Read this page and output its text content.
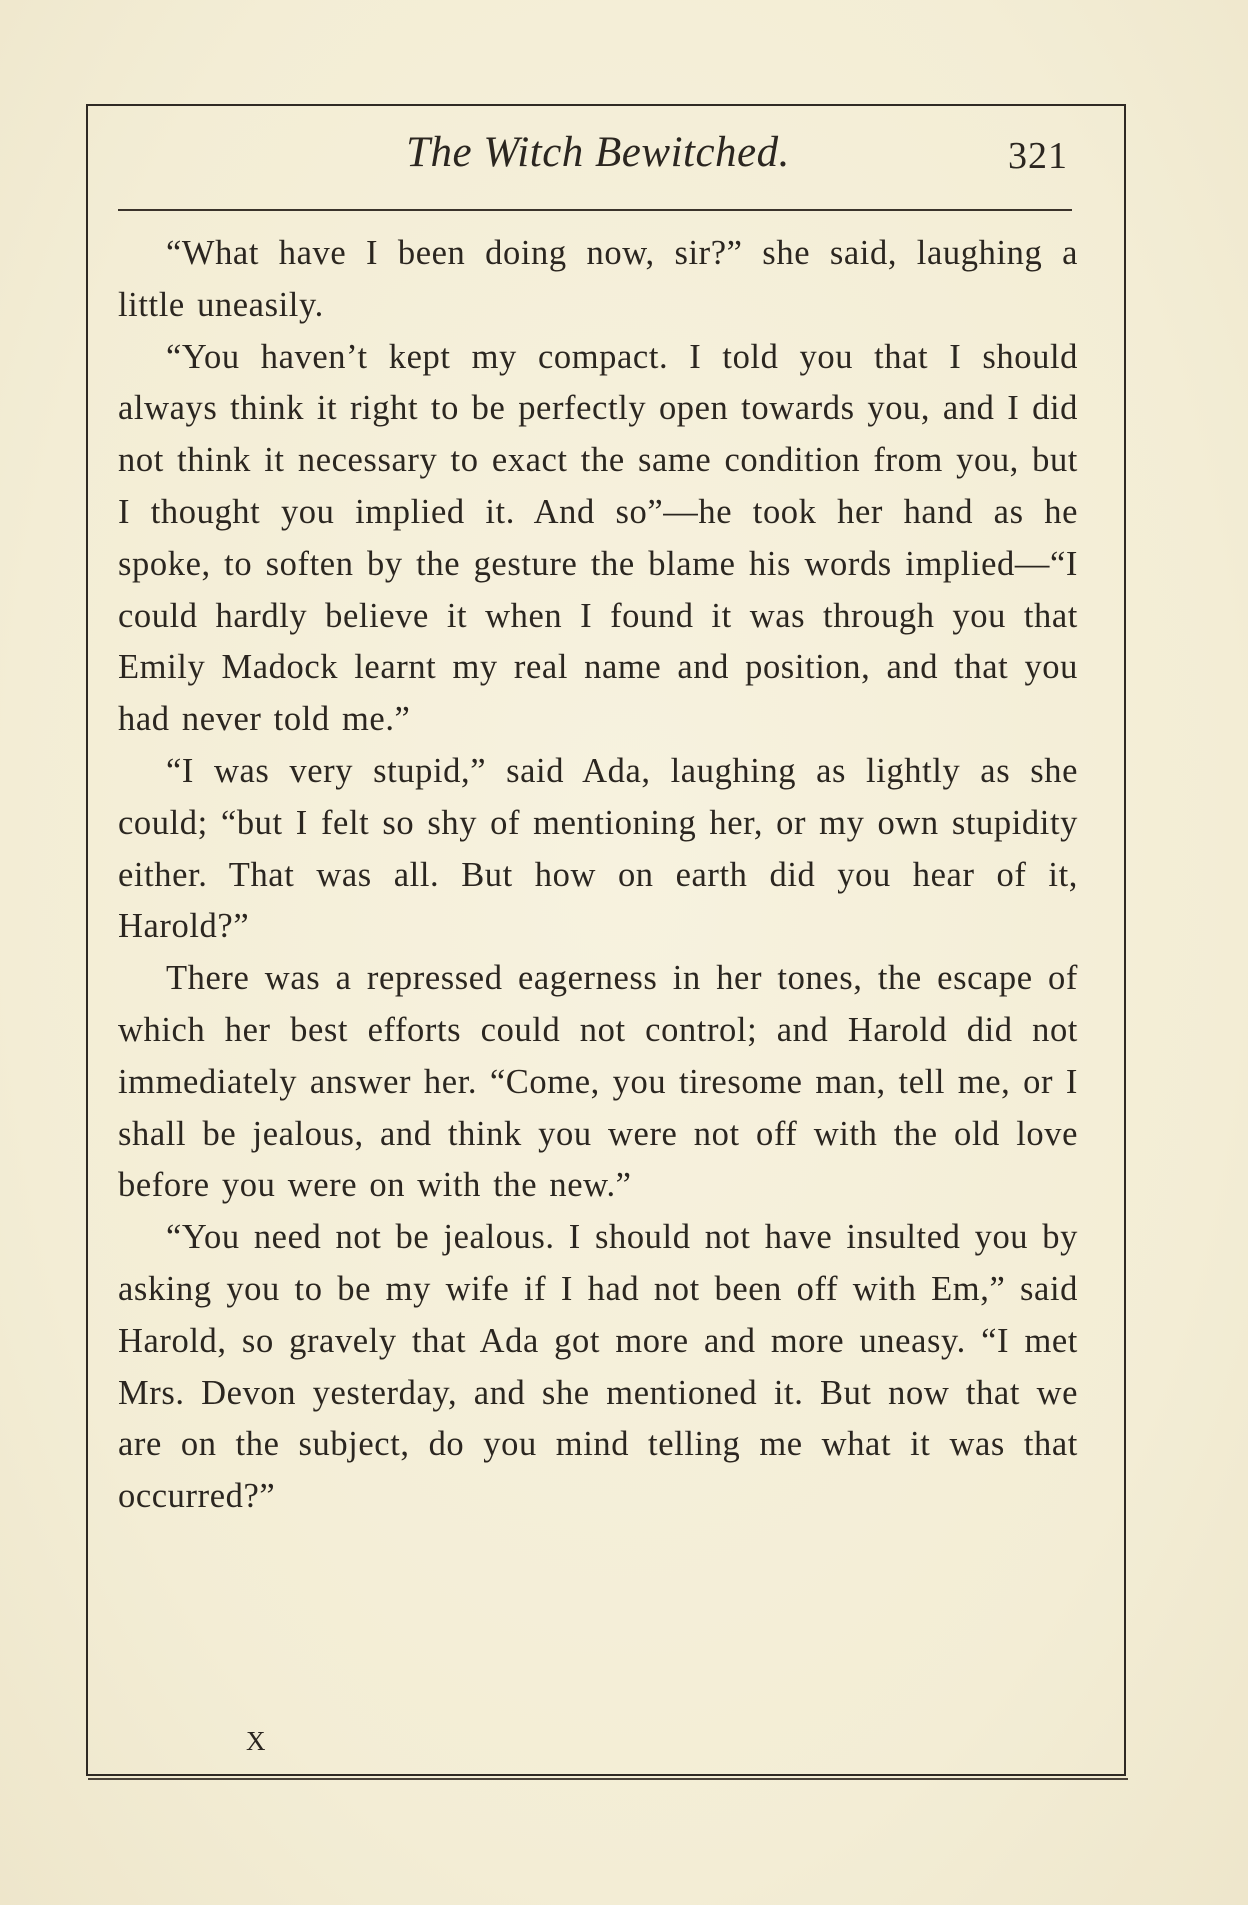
The Witch Bewitched.	321

“What have I been doing now, sir?” she said, laughing a little uneasily.

“You haven’t kept my compact. I told you that I should always think it right to be perfectly open towards you, and I did not think it necessary to exact the same condition from you, but I thought you implied it. And so”—he took her hand as he spoke, to soften by the gesture the blame his words implied—“I could hardly believe it when I found it was through you that Emily Madock learnt my real name and position, and that you had never told me.”

“I was very stupid,” said Ada, laughing as lightly as she could; “but I felt so shy of mentioning her, or my own stupidity either. That was all. But how on earth did you hear of it, Harold?”

There was a repressed eagerness in her tones, the escape of which her best efforts could not control; and Harold did not immediately answer her. “Come, you tiresome man, tell me, or I shall be jealous, and think you were not off with the old love before you were on with the new.”

“You need not be jealous. I should not have insulted you by asking you to be my wife if I had not been off with Em,” said Harold, so gravely that Ada got more and more uneasy. “I met Mrs. Devon yesterday, and she mentioned it. But now that we are on the subject, do you mind telling me what it was that occurred?”

X
